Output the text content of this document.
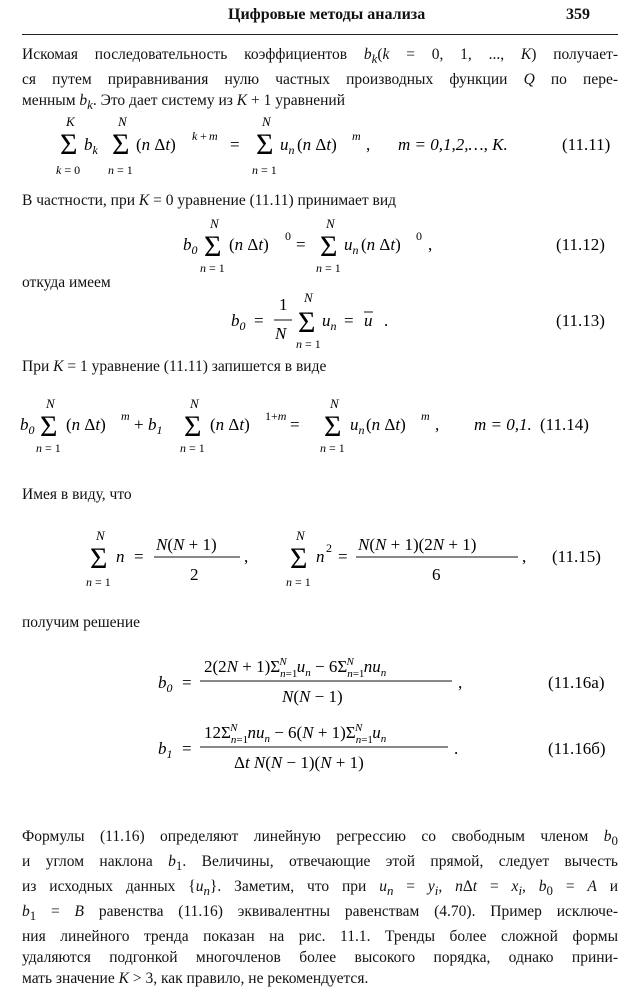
Цифровые методы анализа	359
Искомая последовательность коэффициентов $b_k(k = 0$, 1, ..., K) получает-
ся путем приравнивания нулю частных производных функции Q по пере-
менным $b_k$. Это дает систему из K + 1 уравнений
K
Σ
k = 0
$b_k$
N
Σ
n = 1
(n Δt) k + m =
N
Σ
n = 1
$u_n$ (n Δt) m , m = 0,1,2,…, K.	(11.11)
В частности, при K = 0 уравнение (11.11) принимает вид
$b_0$
N
Σ
n = 1
(n Δt) 0 =
N
Σ
n = 1
$u_n$ (n Δt) 0 ,	(11.12)
откуда имеем
$b_0$ =
1
N
N
Σ
n = 1
$u_n = u$ .	(11.13)
При K = 1 уравнение (11.11) запишется в виде
$b_0$
N
Σ
n = 1
(n Δt) $m + b_1$
N
Σ
n = 1
(n Δt) 1+m =
N
Σ
n = 1
$u_n$ (n Δt) m , m = 0,1. (11.14)
Имея в виду, что
N
Σ
n = 1
n =
N(N + 1)
2
,
N
Σ
n = 1
n 2 =
N(N + 1)(2N + 1)
6
, (11.15)
получим решение
$b_0$ =
$2(2N + 1)\Sigma_{n=1}N$ $u_n - 6\Sigma_{n=1}N$ $nu_n$
N(N − 1)
,	(11.16а)
$b_1$ =
$12\Sigma_{n=1}N$ $nu_n - 6(N + 1)\Sigma_{n=1}N$ $u_n$
Δt N(N − 1)(N + 1)
.	(11.16б)
Формулы (11.16) определяют линейную регрессию со свободным членом $b_0$
и углом наклона $b_1$. Величины, отвечающие этой прямой, следует вычесть
из исходных данных $\{u_n\}$. Заметим, что при $u_n = y_i$, $n\Delta t = x_i$, $b_0 = A$ и
$b_1 = B$ равенства (11.16) эквивалентны равенствам (4.70). Пример исключе-
ния линейного тренда показан на рис. 11.1. Тренды более сложной формы
удаляются подгонкой многочленов более высокого порядка, однако прини-
мать значение K > 3, как правило, не рекомендуется.
